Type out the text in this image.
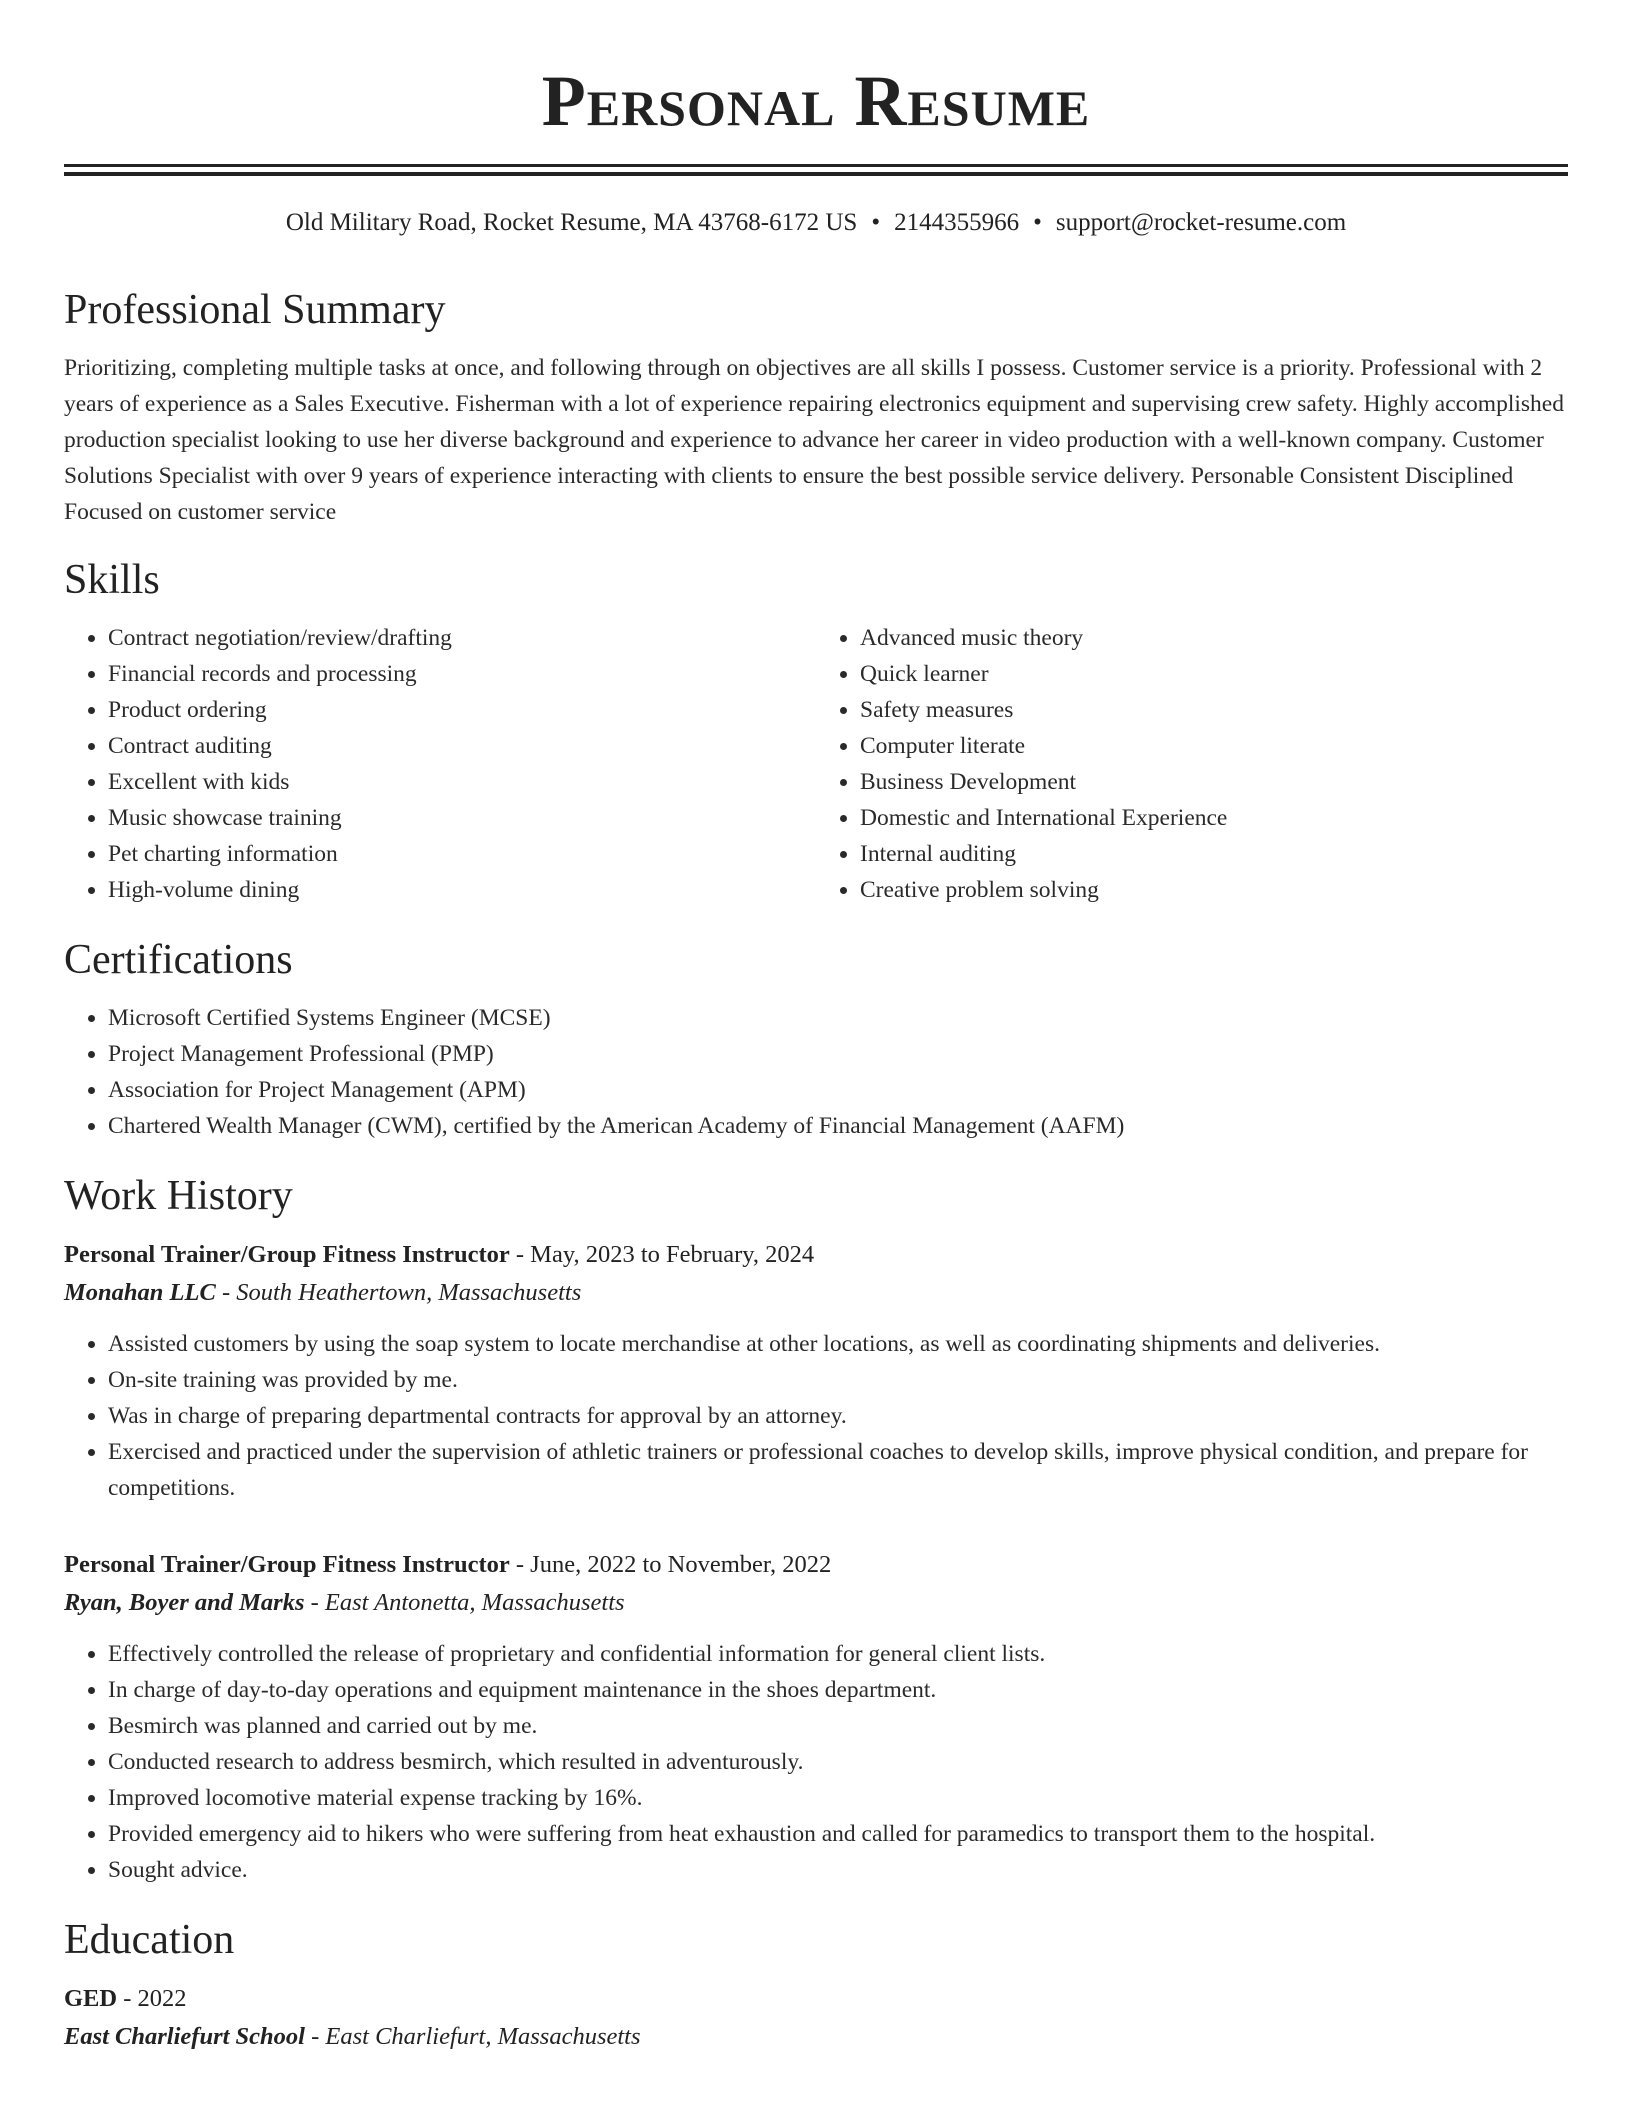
Personal Resume
Old Military Road, Rocket Resume, MA 43768-6172 US • 2144355966 • support@rocket-resume.com
Professional Summary

Prioritizing, completing multiple tasks at once, and following through on objectives are all skills I possess. Customer service is a priority. Professional with 2 years of experience as a Sales Executive. Fisherman with a lot of experience repairing electronics equipment and supervising crew safety. Highly accomplished production specialist looking to use her diverse background and experience to advance her career in video production with a well-known company. Customer Solutions Specialist with over 9 years of experience interacting with clients to ensure the best possible service delivery. Personable Consistent Disciplined Focused on customer service

Skills
• Contract negotiation/review/drafting
• Financial records and processing
• Product ordering
• Contract auditing
• Excellent with kids
• Music showcase training
• Pet charting information
• High-volume dining
• Advanced music theory
• Quick learner
• Safety measures
• Computer literate
• Business Development
• Domestic and International Experience
• Internal auditing
• Creative problem solving
Certifications
• Microsoft Certified Systems Engineer (MCSE)
• Project Management Professional (PMP)
• Association for Project Management (APM)
• Chartered Wealth Manager (CWM), certified by the American Academy of Financial Management (AAFM)
Work History
Personal Trainer/Group Fitness Instructor - May, 2023 to February, 2024
Monahan LLC - South Heathertown, Massachusetts
• Assisted customers by using the soap system to locate merchandise at other locations, as well as coordinating shipments and deliveries.
• On-site training was provided by me.
• Was in charge of preparing departmental contracts for approval by an attorney.
• Exercised and practiced under the supervision of athletic trainers or professional coaches to develop skills, improve physical condition, and prepare for competitions.
Personal Trainer/Group Fitness Instructor - June, 2022 to November, 2022
Ryan, Boyer and Marks - East Antonetta, Massachusetts
• Effectively controlled the release of proprietary and confidential information for general client lists.
• In charge of day-to-day operations and equipment maintenance in the shoes department.
• Besmirch was planned and carried out by me.
• Conducted research to address besmirch, which resulted in adventurously.
• Improved locomotive material expense tracking by 16%.
• Provided emergency aid to hikers who were suffering from heat exhaustion and called for paramedics to transport them to the hospital.
• Sought advice.
Education
GED - 2022
East Charliefurt School - East Charliefurt, Massachusetts
